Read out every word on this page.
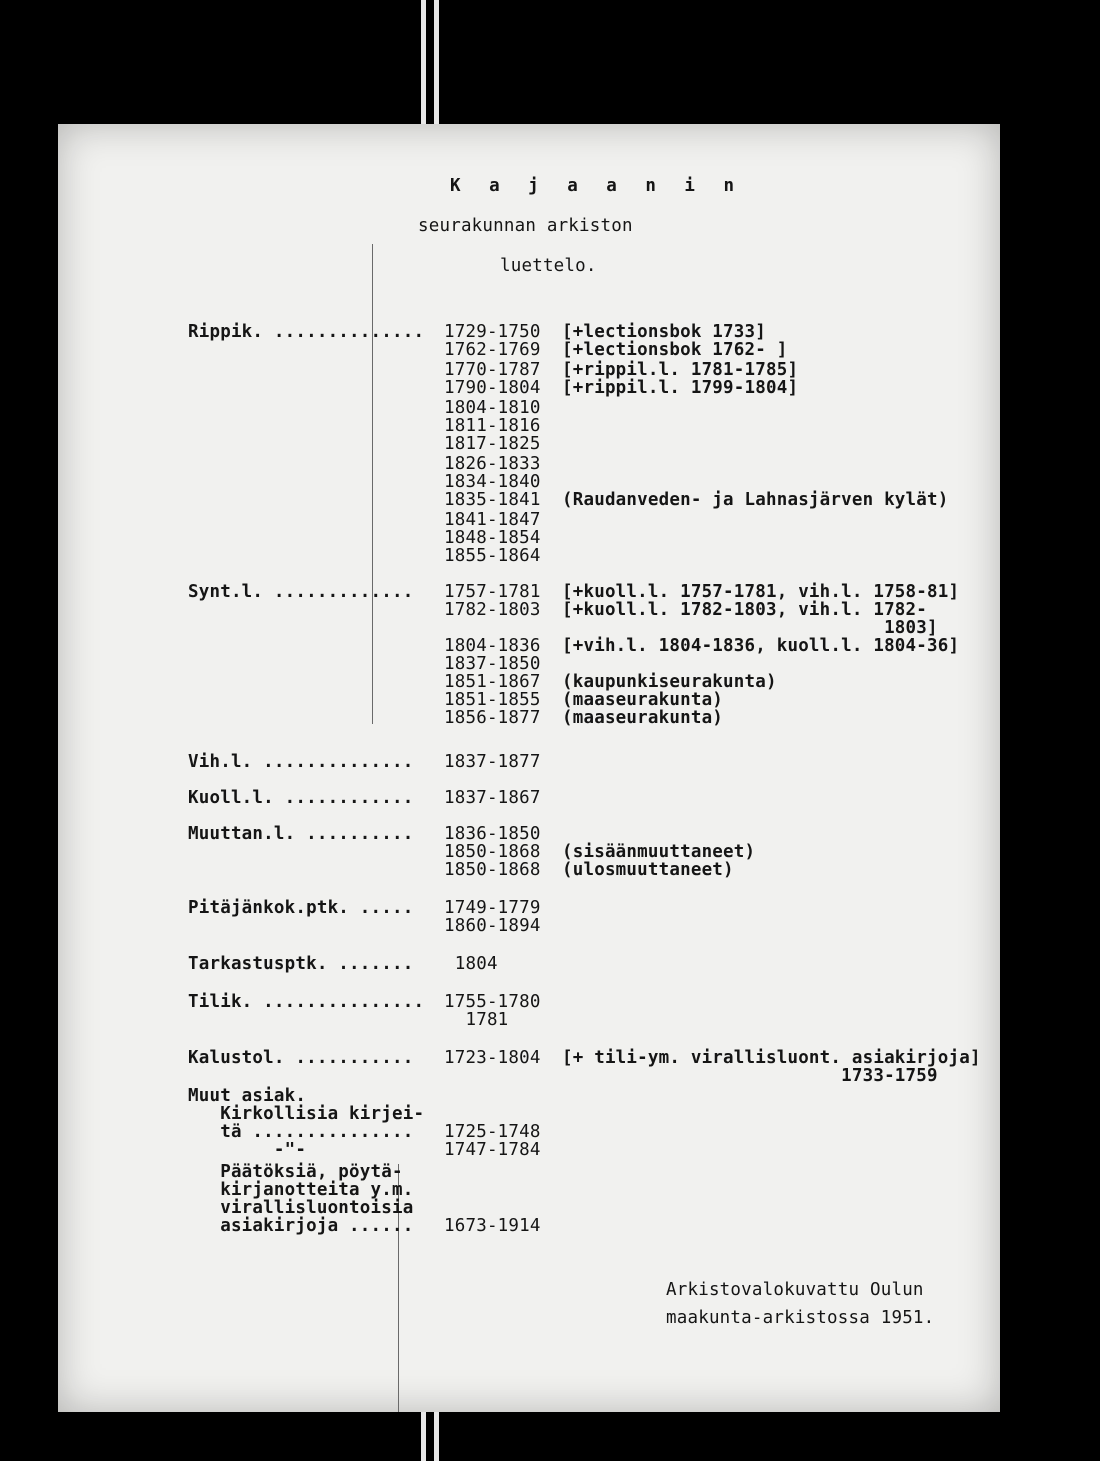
K a j a a n i n
seurakunnan arkiston
luettelo.
Rippik. .............. 1729-1750 [+lectionsbok 1733]
1762-1769 [+lectionsbok 1762- ]
1770-1787 [+rippil.l. 1781-1785]
1790-1804 [+rippil.l. 1799-1804]
1804-1810
1811-1816
1817-1825
1826-1833
1834-1840
1835-1841 (Raudanveden- ja Lahnasjärven kylät)
1841-1847
1848-1854
1855-1864
Synt.l. ............. 1757-1781 [+kuoll.l. 1757-1781, vih.l. 1758-81]
1782-1803 [+kuoll.l. 1782-1803, vih.l. 1782-
1803]
1804-1836 [+vih.l. 1804-1836, kuoll.l. 1804-36]
1837-1850
1851-1867 (kaupunkiseurakunta)
1851-1855 (maaseurakunta)
1856-1877 (maaseurakunta)
Vih.l. .............. 1837-1877
Kuoll.l. ............ 1837-1867
Muuttan.l. .......... 1836-1850
1850-1868 (sisäänmuuttaneet)
1850-1868 (ulosmuuttaneet)
Pitäjänkok.ptk. ..... 1749-1779
1860-1894
Tarkastusptk. ....... 1804
Tilik. ............... 1755-1780
1781
Kalustol. ........... 1723-1804 [+ tili-ym. virallisluont. asiakirjoja]
1733-1759
Muut asiak.
Kirkollisia kirjei-
tä ............... 1725-1748
-"-	1747-1784
Päätöksiä, pöytä-
kirjanotteita y.m.
virallisluontoisia
asiakirjoja ...... 1673-1914
Arkistovalokuvattu Oulun
maakunta-arkistossa 1951.
